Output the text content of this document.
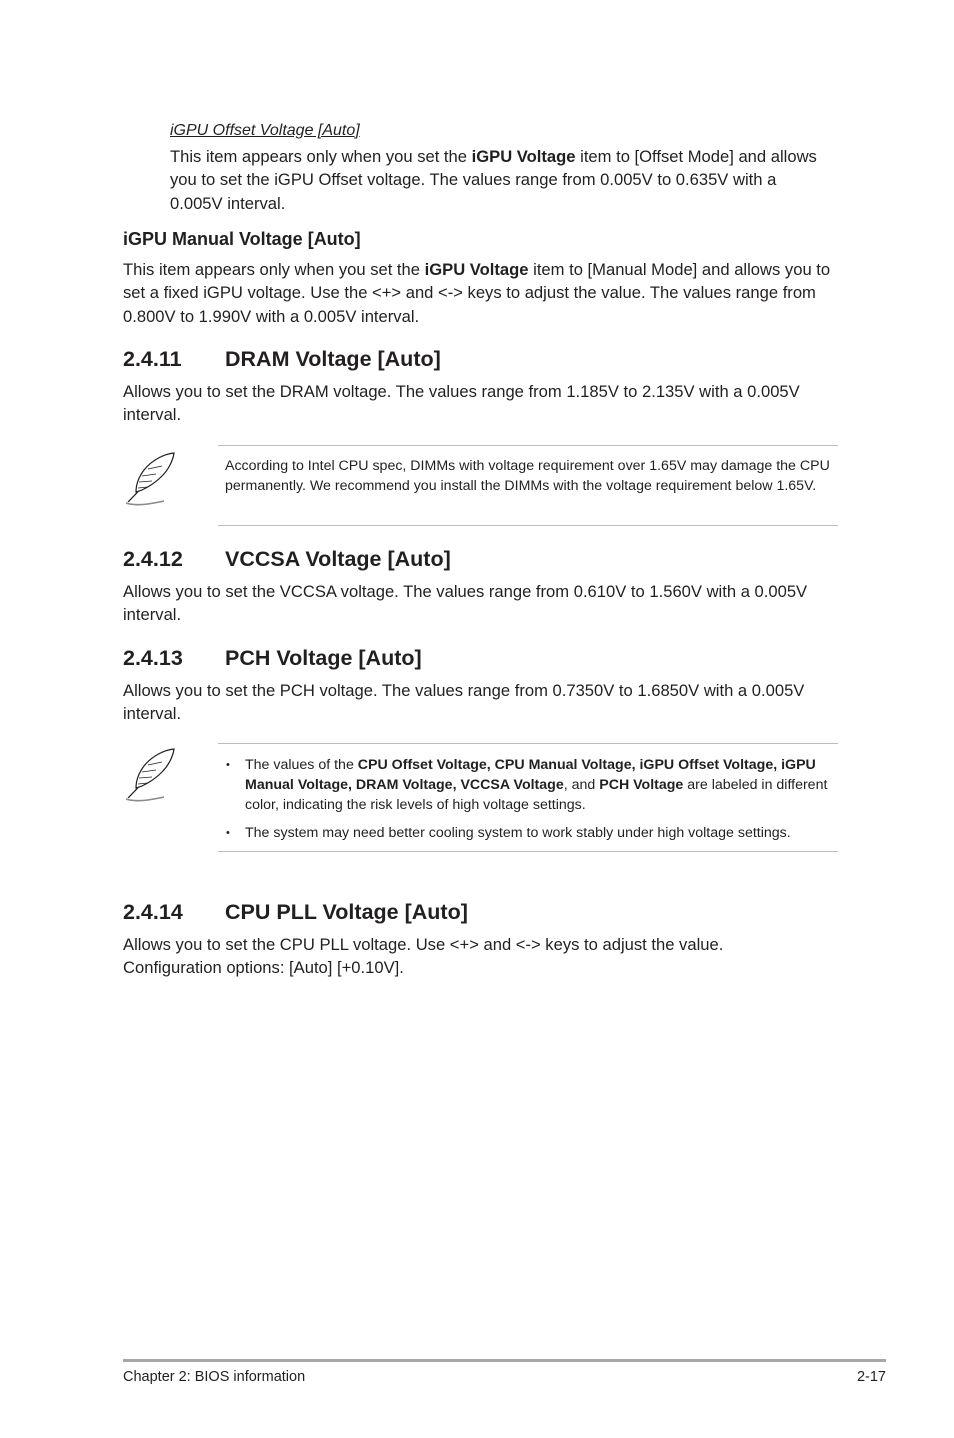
iGPU Offset Voltage [Auto]

This item appears only when you set the iGPU Voltage item to [Offset Mode] and allows you to set the iGPU Offset voltage. The values range from 0.005V to 0.635V with a 0.005V interval.

iGPU Manual Voltage [Auto]

This item appears only when you set the iGPU Voltage item to [Manual Mode] and allows you to set a fixed iGPU voltage. Use the <+> and <-> keys to adjust the value. The values range from 0.800V to 1.990V with a 0.005V interval.

2.4.11 DRAM Voltage [Auto]

Allows you to set the DRAM voltage. The values range from 1.185V to 2.135V with a 0.005V interval.

According to Intel CPU spec, DIMMs with voltage requirement over 1.65V may damage the CPU permanently. We recommend you install the DIMMs with the voltage requirement below 1.65V.

2.4.12 VCCSA Voltage [Auto]

Allows you to set the VCCSA voltage. The values range from 0.610V to 1.560V with a 0.005V interval.

2.4.13 PCH Voltage [Auto]

Allows you to set the PCH voltage. The values range from 0.7350V to 1.6850V with a 0.005V interval.

• The values of the CPU Offset Voltage, CPU Manual Voltage, iGPU Offset Voltage, iGPU Manual Voltage, DRAM Voltage, VCCSA Voltage, and PCH Voltage are labeled in different color, indicating the risk levels of high voltage settings.
• The system may need better cooling system to work stably under high voltage settings.
2.4.14 CPU PLL Voltage [Auto]

Allows you to set the CPU PLL voltage. Use <+> and <-> keys to adjust the value.

Configuration options: [Auto] [+0.10V].

Chapter 2: BIOS information	2-17
